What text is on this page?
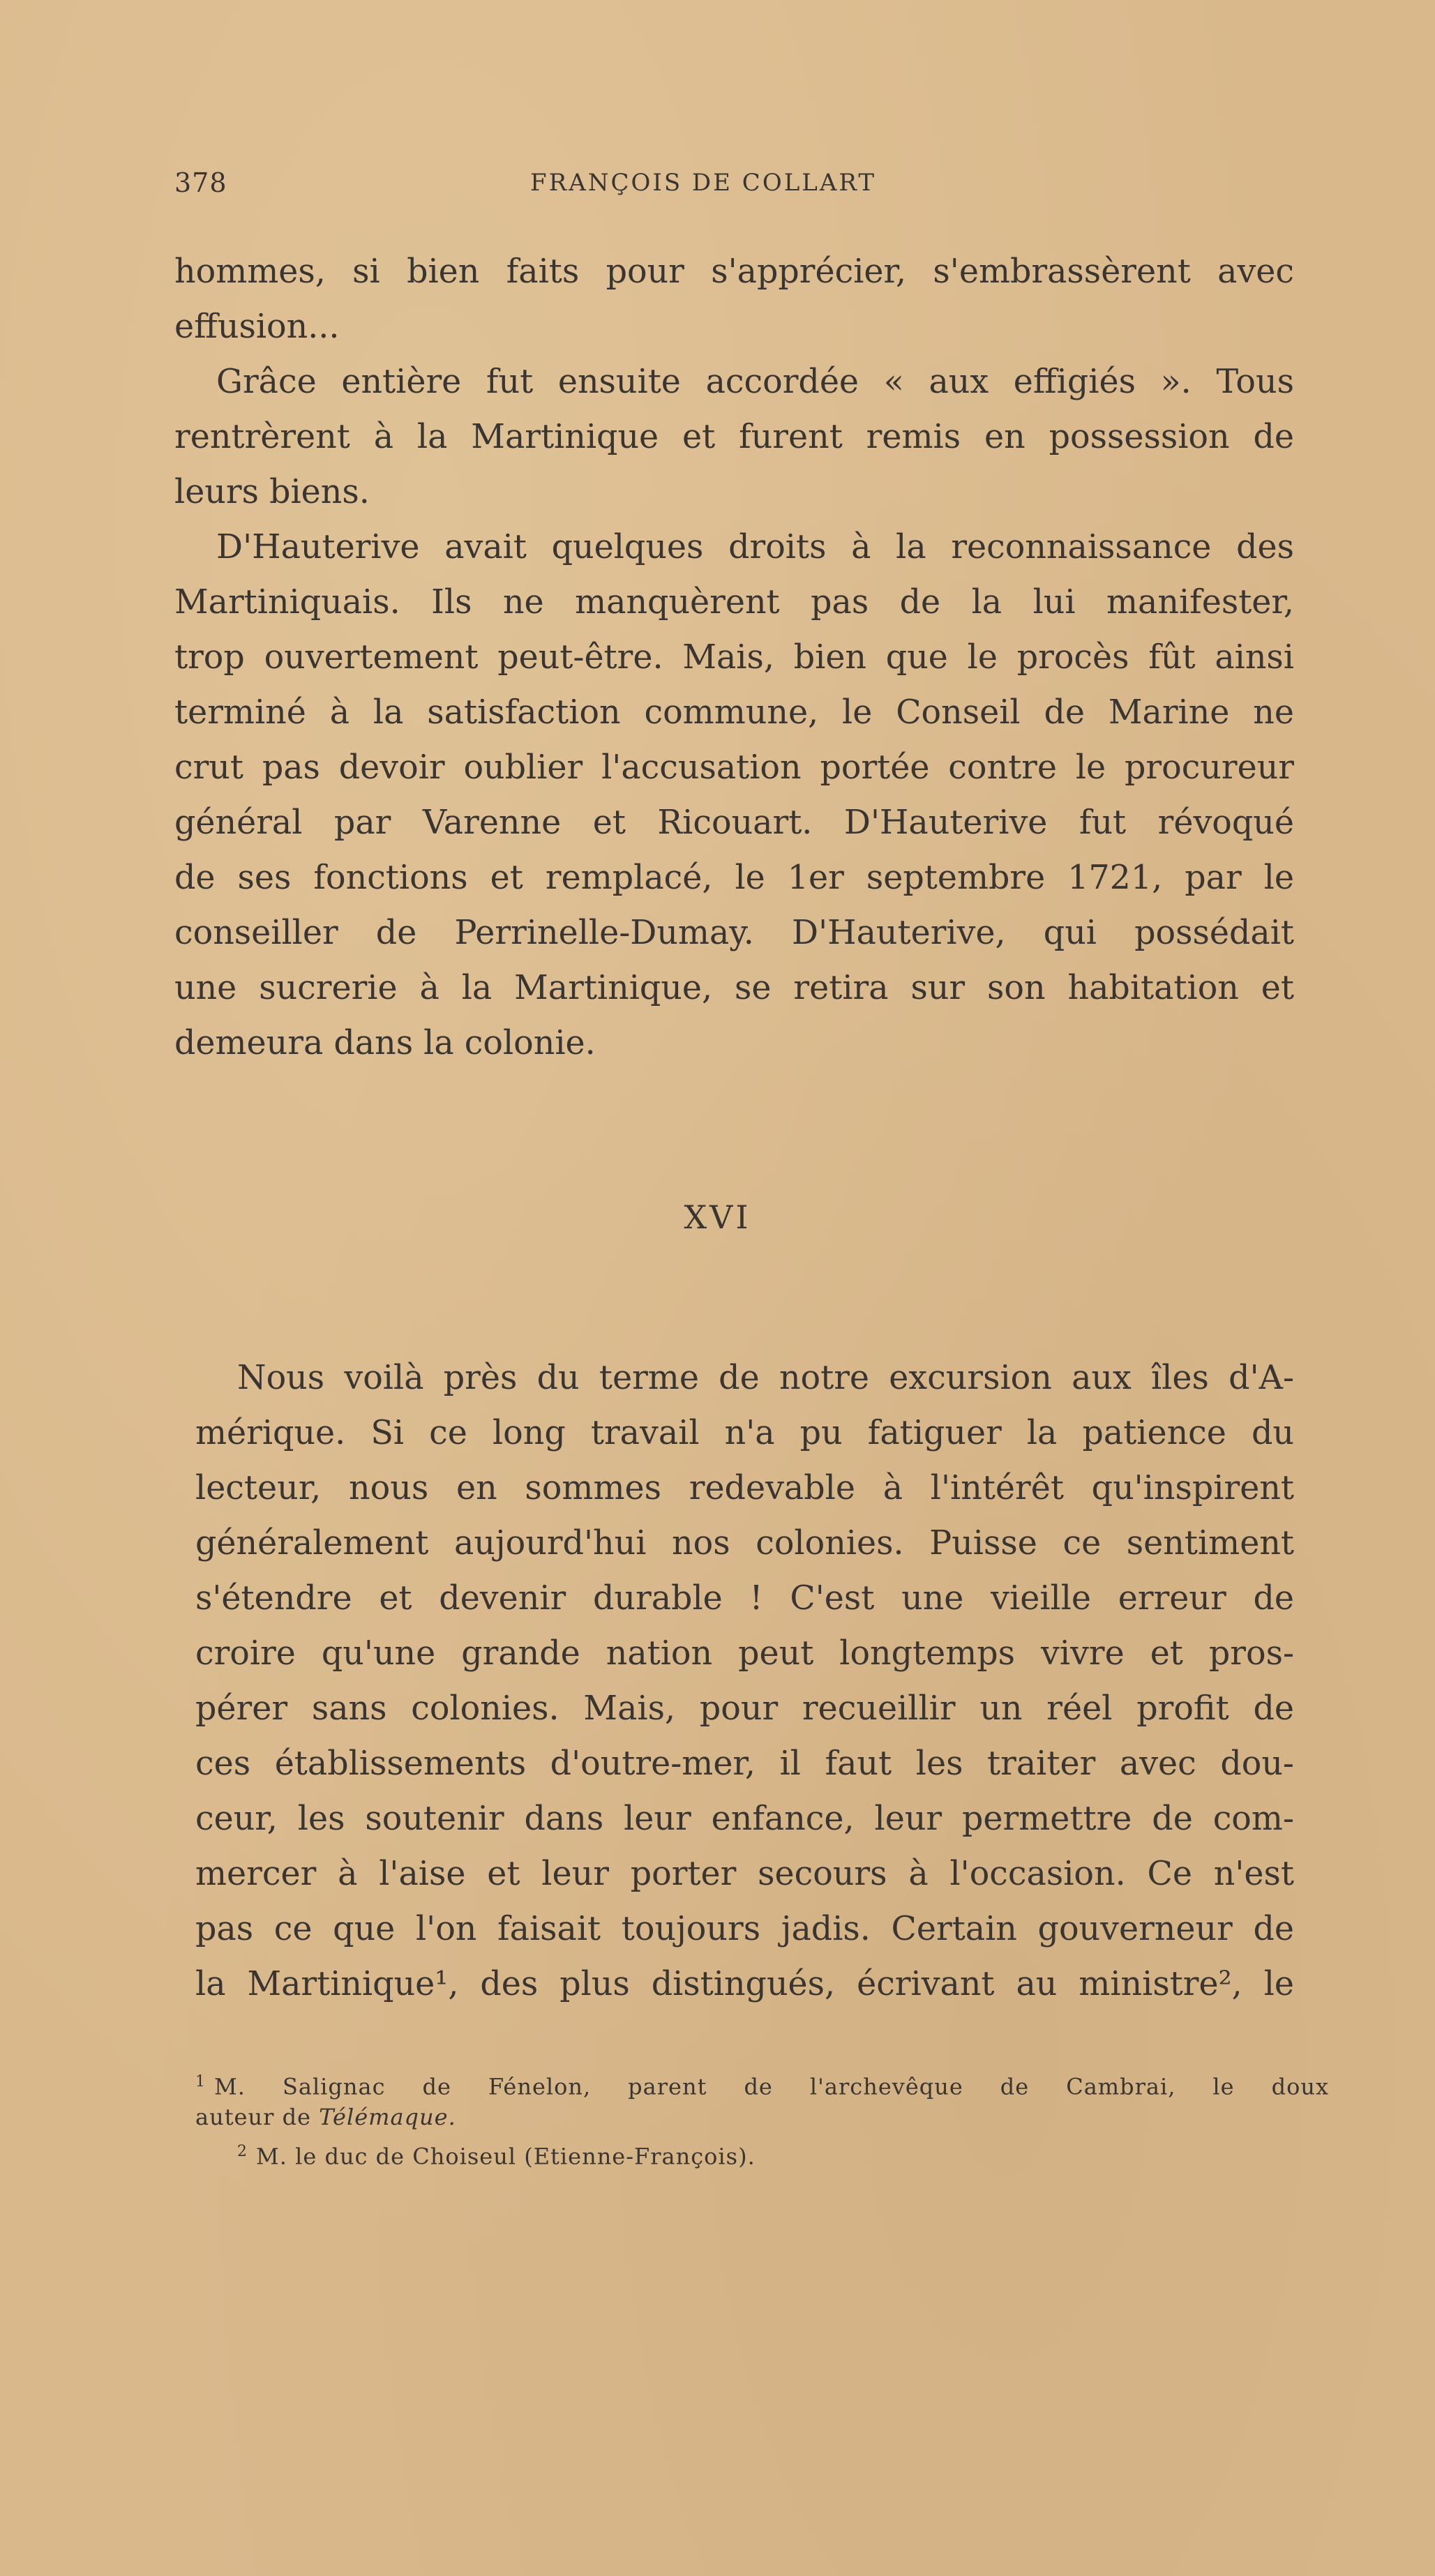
378	FRANÇOIS DE COLLART
hommes, si bien faits pour s'apprécier, s'embrassèrent avec
effusion...
Grâce entière fut ensuite accordée « aux effigiés ». Tous
rentrèrent à la Martinique et furent remis en possession de
leurs biens.
D'Hauterive avait quelques droits à la reconnaissance des
Martiniquais. Ils ne manquèrent pas de la lui manifester,
trop ouvertement peut-être. Mais, bien que le procès fût ainsi
terminé à la satisfaction commune, le Conseil de Marine ne
crut pas devoir oublier l'accusation portée contre le procureur
général par Varenne et Ricouart. D'Hauterive fut révoqué
de ses fonctions et remplacé, le 1er septembre 1721, par le
conseiller de Perrinelle-Dumay. D'Hauterive, qui possédait
une sucrerie à la Martinique, se retira sur son habitation et
demeura dans la colonie.
XVI
Nous voilà près du terme de notre excursion aux îles d'A-
mérique. Si ce long travail n'a pu fatiguer la patience du
lecteur, nous en sommes redevable à l'intérêt qu'inspirent
généralement aujourd'hui nos colonies. Puisse ce sentiment
s'étendre et devenir durable ! C'est une vieille erreur de
croire qu'une grande nation peut longtemps vivre et pros-
pérer sans colonies. Mais, pour recueillir un réel profit de
ces établissements d'outre-mer, il faut les traiter avec dou-
ceur, les soutenir dans leur enfance, leur permettre de com-
mercer à l'aise et leur porter secours à l'occasion. Ce n'est
pas ce que l'on faisait toujours jadis. Certain gouverneur de
la Martinique¹, des plus distingués, écrivant au ministre², le
$^1$ M. Salignac de Fénelon, parent de l'archevêque de Cambrai, le doux
auteur de Télémaque.
$^2$ M. le duc de Choiseul (Etienne-François).
